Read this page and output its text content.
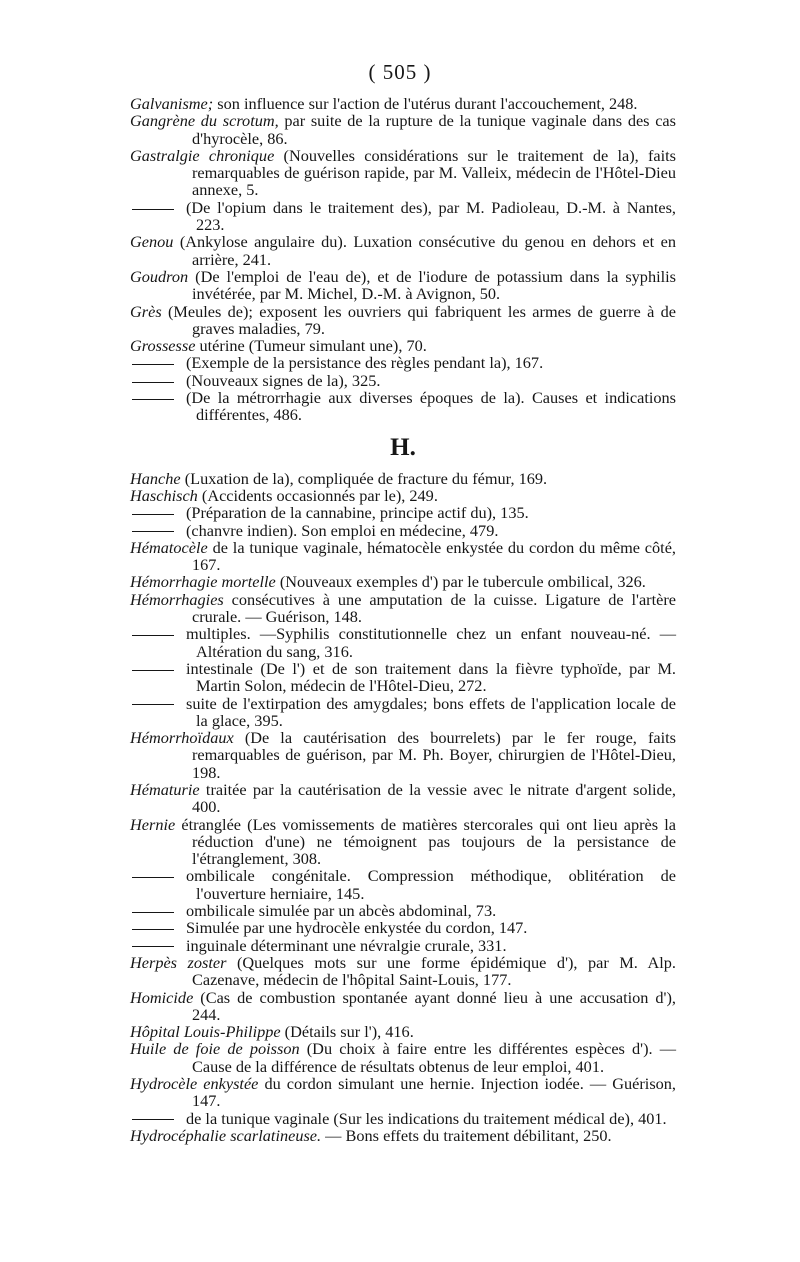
( 505 )

Galvanisme; son influence sur l'action de l'utérus durant l'accouchement, 248.

Gangrène du scrotum, par suite de la rupture de la tunique vaginale dans des cas d'hyrocèle, 86.

Gastralgie chronique (Nouvelles considérations sur le traitement de la), faits remarquables de guérison rapide, par M. Valleix, médecin de l'Hôtel-Dieu annexe, 5.

(De l'opium dans le traitement des), par M. Padioleau, D.-M. à Nantes, 223.

Genou (Ankylose angulaire du). Luxation consécutive du genou en dehors et en arrière, 241.

Goudron (De l'emploi de l'eau de), et de l'iodure de potassium dans la syphilis invétérée, par M. Michel, D.-M. à Avignon, 50.

Grès (Meules de); exposent les ouvriers qui fabriquent les armes de guerre à de graves maladies, 79.

Grossesse utérine (Tumeur simulant une), 70.

(Exemple de la persistance des règles pendant la), 167.

(Nouveaux signes de la), 325.

(De la métrorrhagie aux diverses époques de la). Causes et indications différentes, 486.

H.

Hanche (Luxation de la), compliquée de fracture du fémur, 169.

Haschisch (Accidents occasionnés par le), 249.

(Préparation de la cannabine, principe actif du), 135.

(chanvre indien). Son emploi en médecine, 479.

Hématocèle de la tunique vaginale, hématocèle enkystée du cordon du même côté, 167.

Hémorrhagie mortelle (Nouveaux exemples d') par le tubercule ombilical, 326.

Hémorrhagies consécutives à une amputation de la cuisse. Ligature de l'artère crurale. — Guérison, 148.

multiples. —Syphilis constitutionnelle chez un enfant nouveau-né. — Altération du sang, 316.

intestinale (De l') et de son traitement dans la fièvre typhoïde, par M. Martin Solon, médecin de l'Hôtel-Dieu, 272.

suite de l'extirpation des amygdales; bons effets de l'application locale de la glace, 395.

Hémorrhoïdaux (De la cautérisation des bourrelets) par le fer rouge, faits remarquables de guérison, par M. Ph. Boyer, chirurgien de l'Hôtel-Dieu, 198.

Hématurie traitée par la cautérisation de la vessie avec le nitrate d'argent solide, 400.

Hernie étranglée (Les vomissements de matières stercorales qui ont lieu après la réduction d'une) ne témoignent pas toujours de la persistance de l'étranglement, 308.

ombilicale congénitale. Compression méthodique, oblitération de l'ouverture herniaire, 145.

ombilicale simulée par un abcès abdominal, 73.

Simulée par une hydrocèle enkystée du cordon, 147.

inguinale déterminant une névralgie crurale, 331.

Herpès zoster (Quelques mots sur une forme épidémique d'), par M. Alp. Cazenave, médecin de l'hôpital Saint-Louis, 177.

Homicide (Cas de combustion spontanée ayant donné lieu à une accusation d'), 244.

Hôpital Louis-Philippe (Détails sur l'), 416.

Huile de foie de poisson (Du choix à faire entre les différentes espèces d'). — Cause de la différence de résultats obtenus de leur emploi, 401.

Hydrocèle enkystée du cordon simulant une hernie. Injection iodée. — Guérison, 147.

de la tunique vaginale (Sur les indications du traitement médical de), 401.

Hydrocéphalie scarlatineuse. — Bons effets du traitement débilitant, 250.
